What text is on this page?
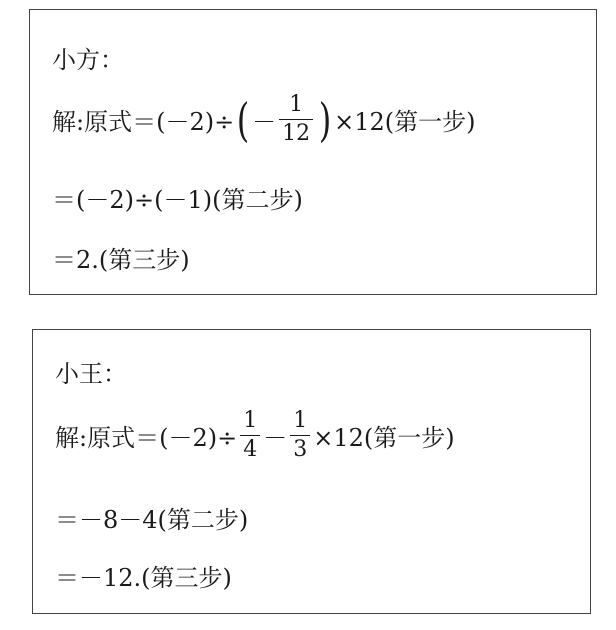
小方：
解:原式＝(－2)÷ ( － $\frac{1}{12}$ ) ×12(第一步)
＝(－2)÷(－1)(第二步)
＝2.(第三步)
小王：
解:原式$=(-2)\div \frac{1}{4} - \frac{1}{3} \times 12$(第一步)
＝－8－4(第二步)
＝－12.(第三步)
